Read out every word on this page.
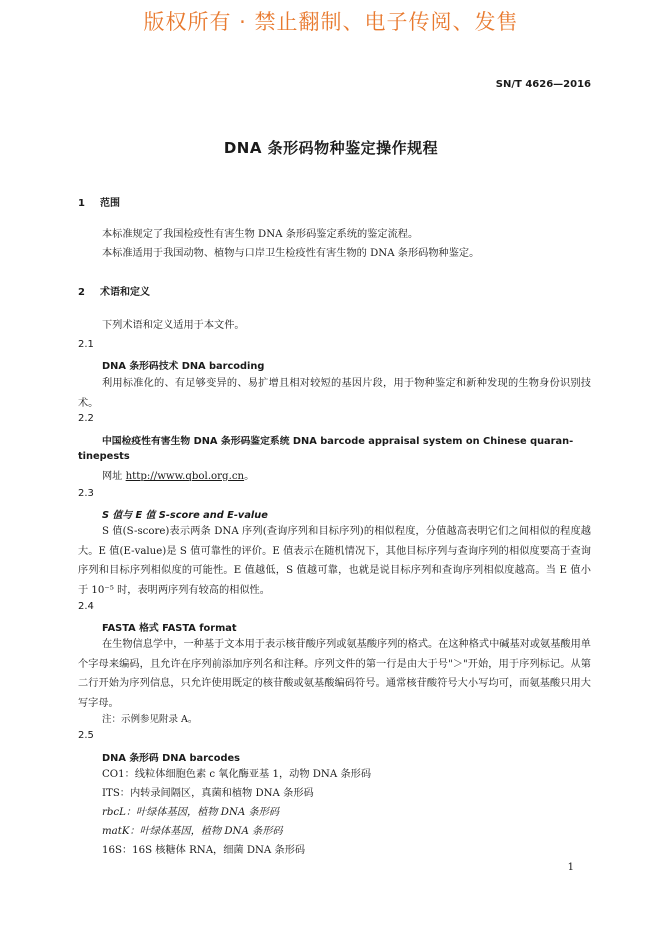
版权所有 · 禁止翻制、电子传阅、发售
SN/T 4626—2016
DNA 条形码物种鉴定操作规程
1 范围
本标准规定了我国检疫性有害生物 DNA 条形码鉴定系统的鉴定流程。
本标准适用于我国动物、植物与口岸卫生检疫性有害生物的 DNA 条形码物种鉴定。
2 术语和定义
下列术语和定义适用于本文件。
2.1
DNA 条形码技术 DNA barcoding
利用标准化的、有足够变异的、易扩增且相对较短的基因片段，用于物种鉴定和新种发现的生物身份识别技术。
2.2
中国检疫性有害生物 DNA 条形码鉴定系统 DNA barcode appraisal system on Chinese quaran-
tinepests
网址 http://www.qbol.org.cn。
2.3
S 值与 E 值 S-score and E-value
S 值(S-score)表示两条 DNA 序列(查询序列和目标序列)的相似程度，分值越高表明它们之间相似的程度越大。E 值(E-value)是 S 值可靠性的评价。E 值表示在随机情况下，其他目标序列与查询序列的相似度要高于查询序列和目标序列相似度的可能性。E 值越低，S 值越可靠，也就是说目标序列和查询序列相似度越高。当 E 值小于 10⁻⁵ 时，表明两序列有较高的相似性。
2.4
FASTA 格式 FASTA format
在生物信息学中，一种基于文本用于表示核苷酸序列或氨基酸序列的格式。在这种格式中碱基对或氨基酸用单个字母来编码，且允许在序列前添加序列名和注释。序列文件的第一行是由大于号"＞"开始，用于序列标记。从第二行开始为序列信息，只允许使用既定的核苷酸或氨基酸编码符号。通常核苷酸符号大小写均可，而氨基酸只用大写字母。
注：示例参见附录 A。
2.5
DNA 条形码 DNA barcodes
CO1：线粒体细胞色素 c 氧化酶亚基 1，动物 DNA 条形码
ITS：内转录间隔区，真菌和植物 DNA 条形码
rbcL：叶绿体基因，植物 DNA 条形码
matK：叶绿体基因，植物 DNA 条形码
16S：16S 核糖体 RNA，细菌 DNA 条形码
1
